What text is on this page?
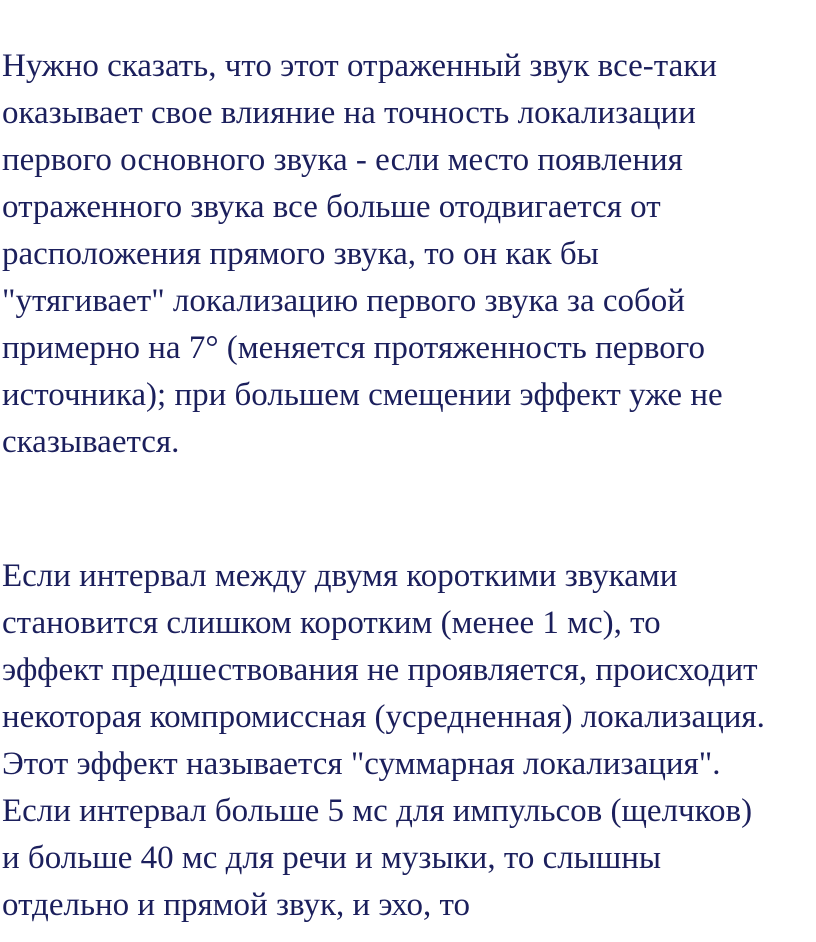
Нужно сказать, что этот отраженный звук все-таки
оказывает свое влияние на точность локализации
первого основного звука - если место появления
отраженного звука все больше отодвигается от
расположения прямого звука, то он как бы
"утягивает" локализацию первого звука за собой
примерно на 7° (меняется протяженность первого
источника); при большем смещении эффект уже не
сказывается.

Если интервал между двумя короткими звуками
становится слишком коротким (менее 1 мс), то
эффект предшествования не проявляется, происходит
некоторая компромиссная (усредненная) локализация.
Этот эффект называется "суммарная локализация".
Если интервал больше 5 мс для импульсов (щелчков)
и больше 40 мс для речи и музыки, то слышны
отдельно и прямой звук, и эхо, то
